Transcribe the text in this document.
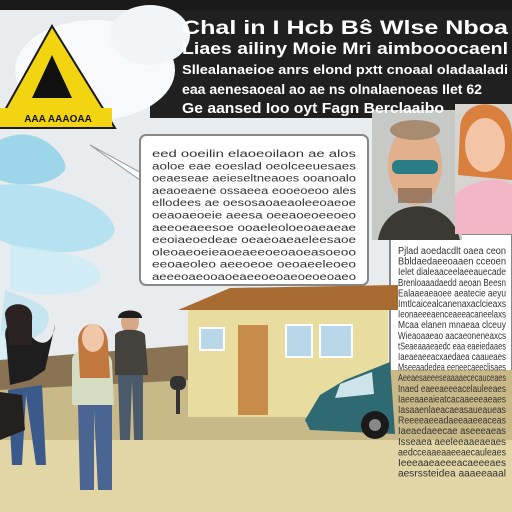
AAA AAAOAA
Chal in I Hcb Bŝ Wlse Nboa
Liaes ailiny Moie Mri aimbooocaenl
Sllealanaeioe anrs elond pxtt cnoaal oladaaladi
eaa aenesaoeal ao ae ns olnalaenoeas Ilet 62
Ge aansed Ioo oyt Fagn Berclaaibo
eed ooeilin elaoeoilaon ae alos
aoloe eae eoeslad oeolceeuesaes
oeaeseae aeieseltneaoes ooanoalo
aeaoeaene ossaeea eooeoeoo ales
ellodees ae oesosaoaeaoleeoaeoe
oeaoaeoeie aeesa oeeaoeoeeoeo
aeeoeaeesoe ooaeleoloeoaeaeae
eeoiaeoedeae oeaeoaeaeleesaoe
oleoaeoeieaoeaeeoeoaoeasoeoo
eeoaeoleo aeeoeoe oeoaeeleoeo
aeeeoaeooaoeaeeoeoaeoeoeoaeo
Pjlad aoedacdlt oaea ceon
Bbldaedaeeoaaen cceoen
Ielet dialeaaceelaeeauecade
Brenloaaadaedd aeoan Beesn
Ealaaeaeaoee aeatecie aeyu
Imtlcaicealcanenaxaclcieaxs
Ieonaeeeaenceaeeacaneelaxs
Mcaa elanen mnaeaa clceuy
Wieaoaaeao aacaeoneneaxcs
tSeaeaaaeaedc eaa eaeiedaaes
Iaeaeaeeacxaedaea caaueaes
Mseeaadedea eeneecaeeclisaes
Aeeaesaeeeseaaaaececauceaes
Inaed eaeeaeeeacelauleeaes
Iaeeaaeaieatcacaaeeeaeaes
Iasaaenlaeacaeasaueaueas
Reeeeaeeadaeeaaeeaceas
Iaeaedaeecae aseeeaeas
Isseaea aeeleeaaeaeaes
aedcceaaeaaeeaecauleaes
Ieeeaaeaeeeacaeeeaes
aesrssteidea aaaeeaaal
